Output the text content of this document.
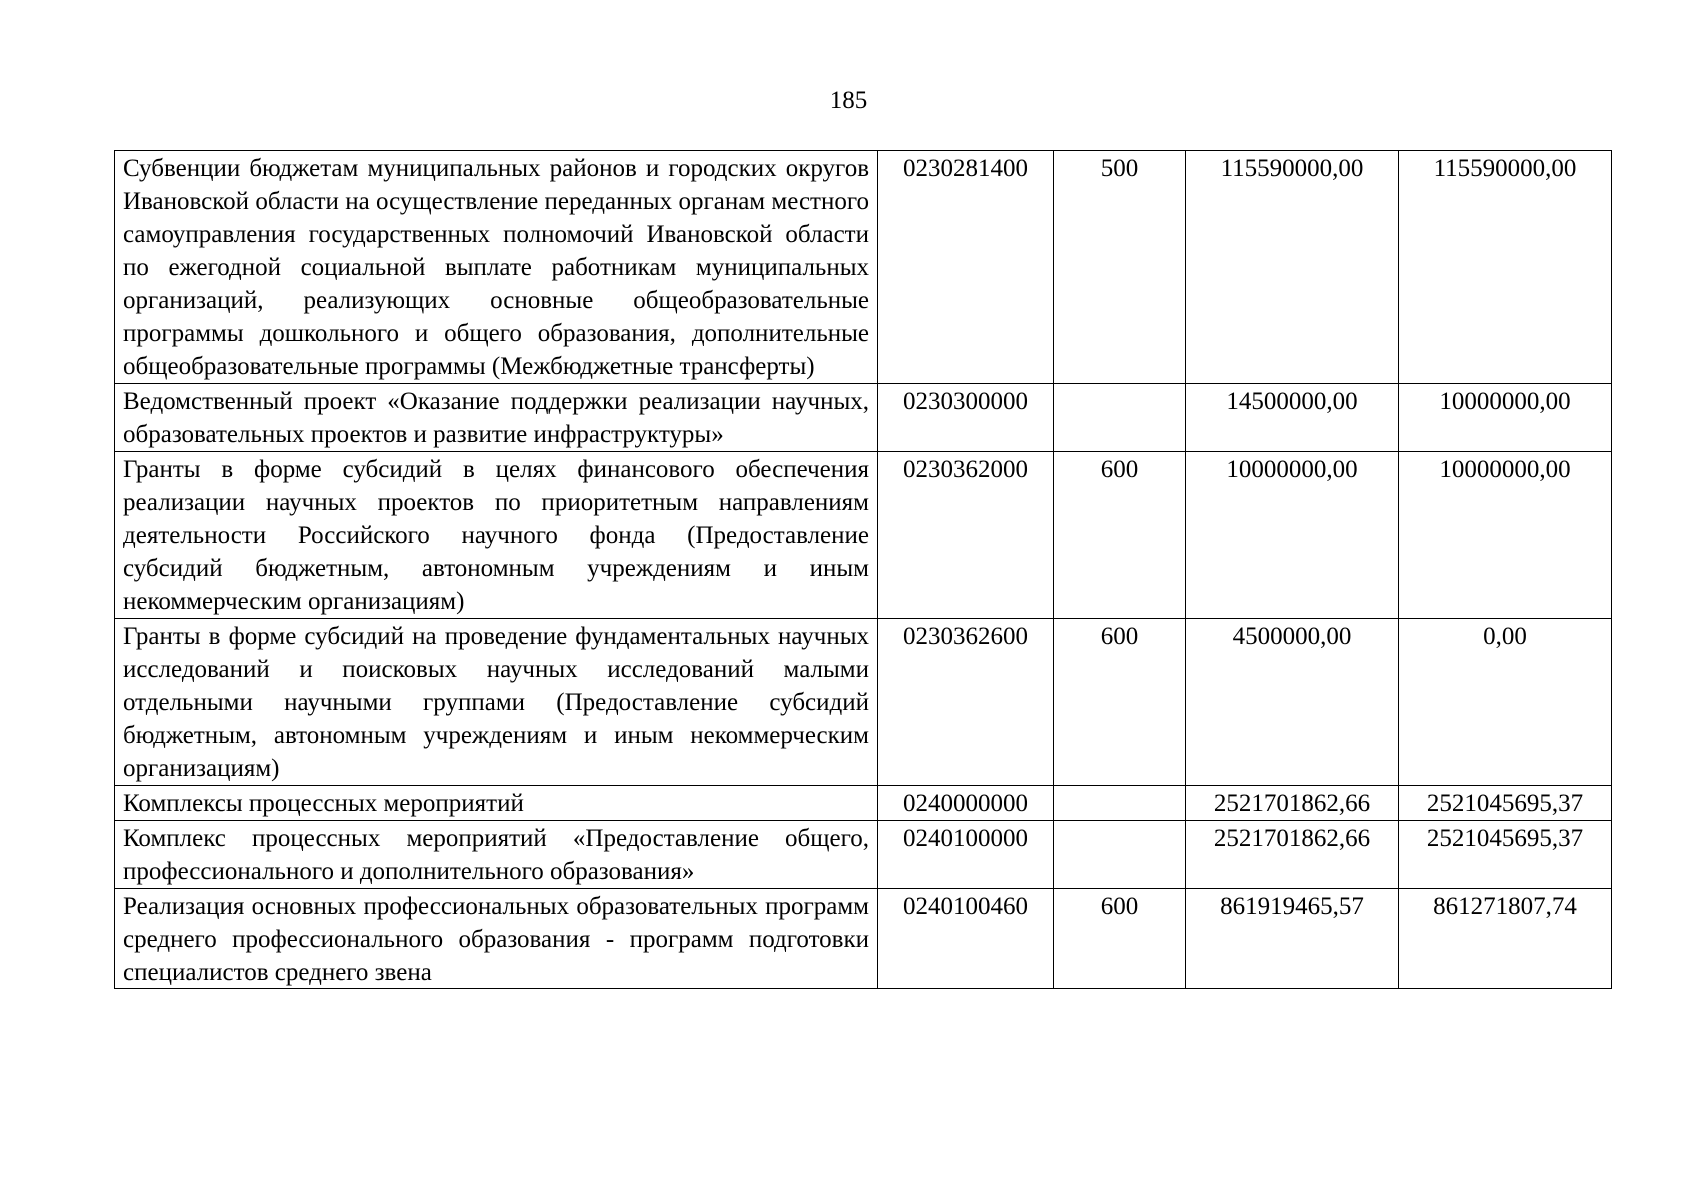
185
Субвенции бюджетам муниципальных районов и городских округов Ивановской области на осуществление переданных органам местного самоуправления государственных полномочий Ивановской области по ежегодной социальной выплате работникам муниципальных организаций, реализующих основные общеобразовательные программы дошкольного и общего образования, дополнительные общеобразовательные программы (Межбюджетные трансферты)	0230281400	500	115590000,00	115590000,00
Ведомственный проект «Оказание поддержки реализации научных, образовательных проектов и развитие инфраструктуры»	0230300000		14500000,00	10000000,00
Гранты в форме субсидий в целях финансового обеспечения реализации научных проектов по приоритетным направлениям деятельности Российского научного фонда (Предоставление субсидий бюджетным, автономным учреждениям и иным некоммерческим организациям)	0230362000	600	10000000,00	10000000,00
Гранты в форме субсидий на проведение фундаментальных научных исследований и поисковых научных исследований малыми отдельными научными группами (Предоставление субсидий бюджетным, автономным учреждениям и иным некоммерческим организациям)	0230362600	600	4500000,00	0,00
Комплексы процессных мероприятий	0240000000		2521701862,66	2521045695,37
Комплекс процессных мероприятий «Предоставление общего, профессионального и дополнительного образования»	0240100000		2521701862,66	2521045695,37

Реализация основных профессиональных образовательных программ среднего профессионального образования - программ подготовки специалистов среднего звена	0240100460	600	861919465,57	861271807,74
